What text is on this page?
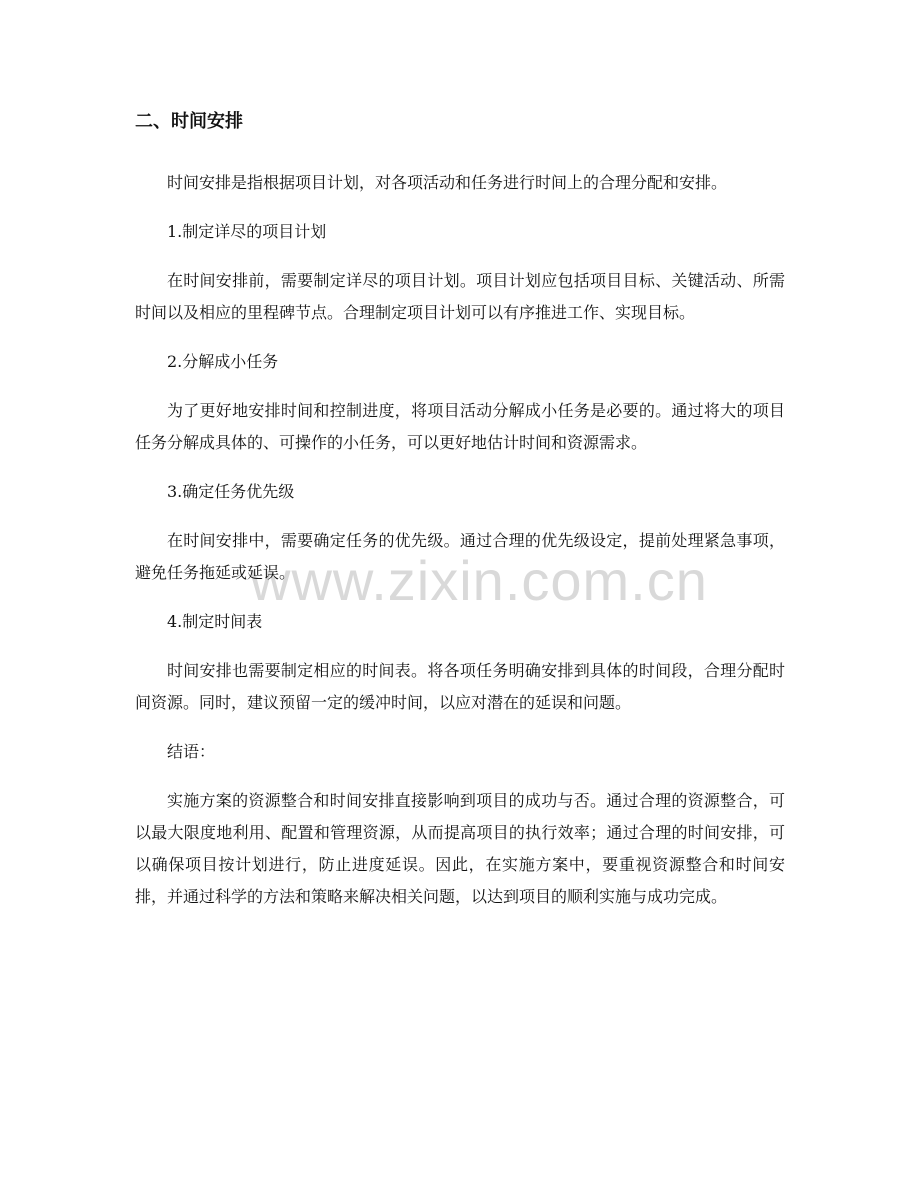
www.zixin.com.cn
二、时间安排

时间安排是指根据项目计划，对各项活动和任务进行时间上的合理分配和安排。

1.制定详尽的项目计划

在时间安排前，需要制定详尽的项目计划。项目计划应包括项目目标、关键活动、所需时间以及相应的里程碑节点。合理制定项目计划可以有序推进工作、实现目标。

2.分解成小任务

为了更好地安排时间和控制进度，将项目活动分解成小任务是必要的。通过将大的项目任务分解成具体的、可操作的小任务，可以更好地估计时间和资源需求。

3.确定任务优先级

在时间安排中，需要确定任务的优先级。通过合理的优先级设定，提前处理紧急事项，避免任务拖延或延误。

4.制定时间表

时间安排也需要制定相应的时间表。将各项任务明确安排到具体的时间段，合理分配时间资源。同时，建议预留一定的缓冲时间，以应对潜在的延误和问题。

结语：

实施方案的资源整合和时间安排直接影响到项目的成功与否。通过合理的资源整合，可以最大限度地利用、配置和管理资源，从而提高项目的执行效率；通过合理的时间安排，可以确保项目按计划进行，防止进度延误。因此，在实施方案中，要重视资源整合和时间安排，并通过科学的方法和策略来解决相关问题，以达到项目的顺利实施与成功完成。
